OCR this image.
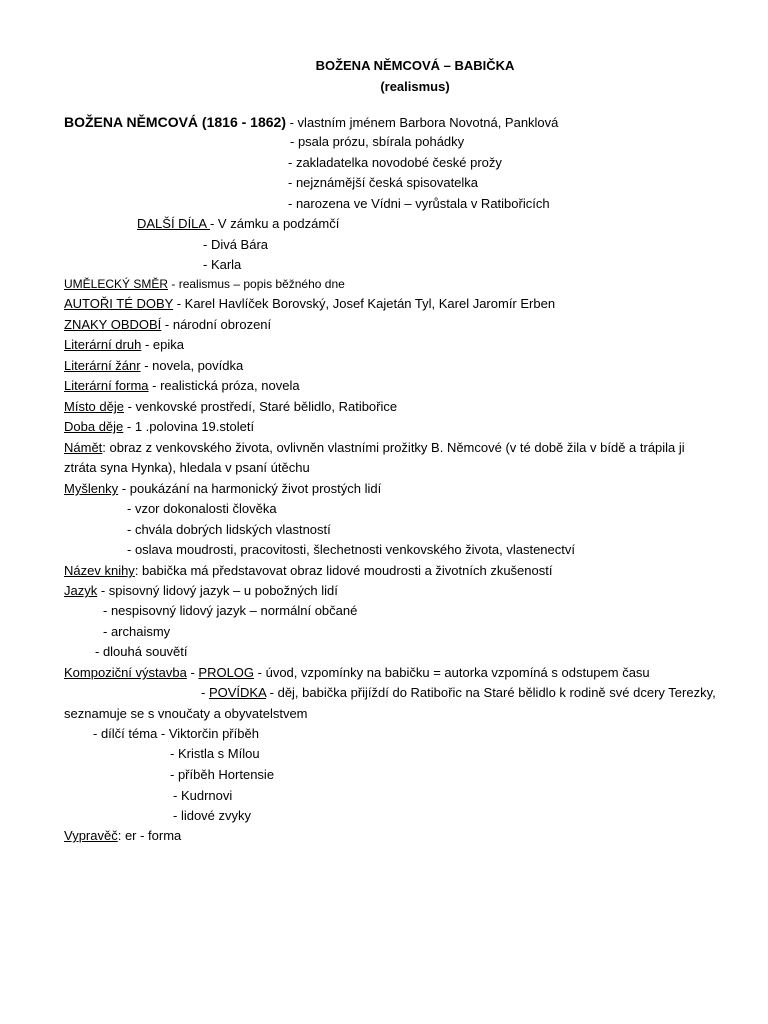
BOŽENA NĚMCOVÁ – BABIČKA
(realismus)
BOŽENA NĚMCOVÁ (1816 - 1862) - vlastním jménem Barbora Novotná, Panklová
- psala prózu, sbírala pohádky
- zakladatelka novodobé české prožy
- nejznámější česká spisovatelka
- narozena ve Vídni – vyrůstala v Ratibořicích
DALŠÍ DÍLA - V zámku a podzámčí
- Divá Bára
- Karla
UMĚLECKÝ SMĚR - realismus – popis běžného dne
AUTOŘI TÉ DOBY - Karel Havlíček Borovský, Josef Kajetán Tyl, Karel Jaromír Erben
ZNAKY OBDOBÍ - národní obrození
Literární druh - epika
Literární žánr - novela, povídka
Literární forma - realistická próza, novela
Místo děje - venkovské prostředí, Staré bělidlo, Ratibořice
Doba děje - 1 .polovina 19.století
Námět: obraz z venkovského života, ovlivněn vlastními prožitky B. Němcové (v té době žila v bídě a trápila ji
ztráta syna Hynka), hledala v psaní útěchu
Myšlenky - poukázání na harmonický život prostých lidí
- vzor dokonalosti člověka
- chvála dobrých lidských vlastností
- oslava moudrosti, pracovitosti, šlechetnosti venkovského života, vlastenectví
Název knihy: babička má představovat obraz lidové moudrosti a životních zkušeností
Jazyk - spisovný lidový jazyk – u pobožných lidí
- nespisovný lidový jazyk – normální občané
- archaismy
- dlouhá souvětí
Kompoziční výstavba - PROLOG - úvod, vzpomínky na babičku = autorka vzpomíná s odstupem času
- POVÍDKA - děj, babička přijíždí do Ratibořic na Staré bělidlo k rodině své dcery Terezky,
seznamuje se s vnoučaty a obyvatelstvem
- dílčí téma - Viktorčin příběh
- Kristla s Mílou
- příběh Hortensie
- Kudrnovi
- lidové zvyky
Vypravěč: er - forma
